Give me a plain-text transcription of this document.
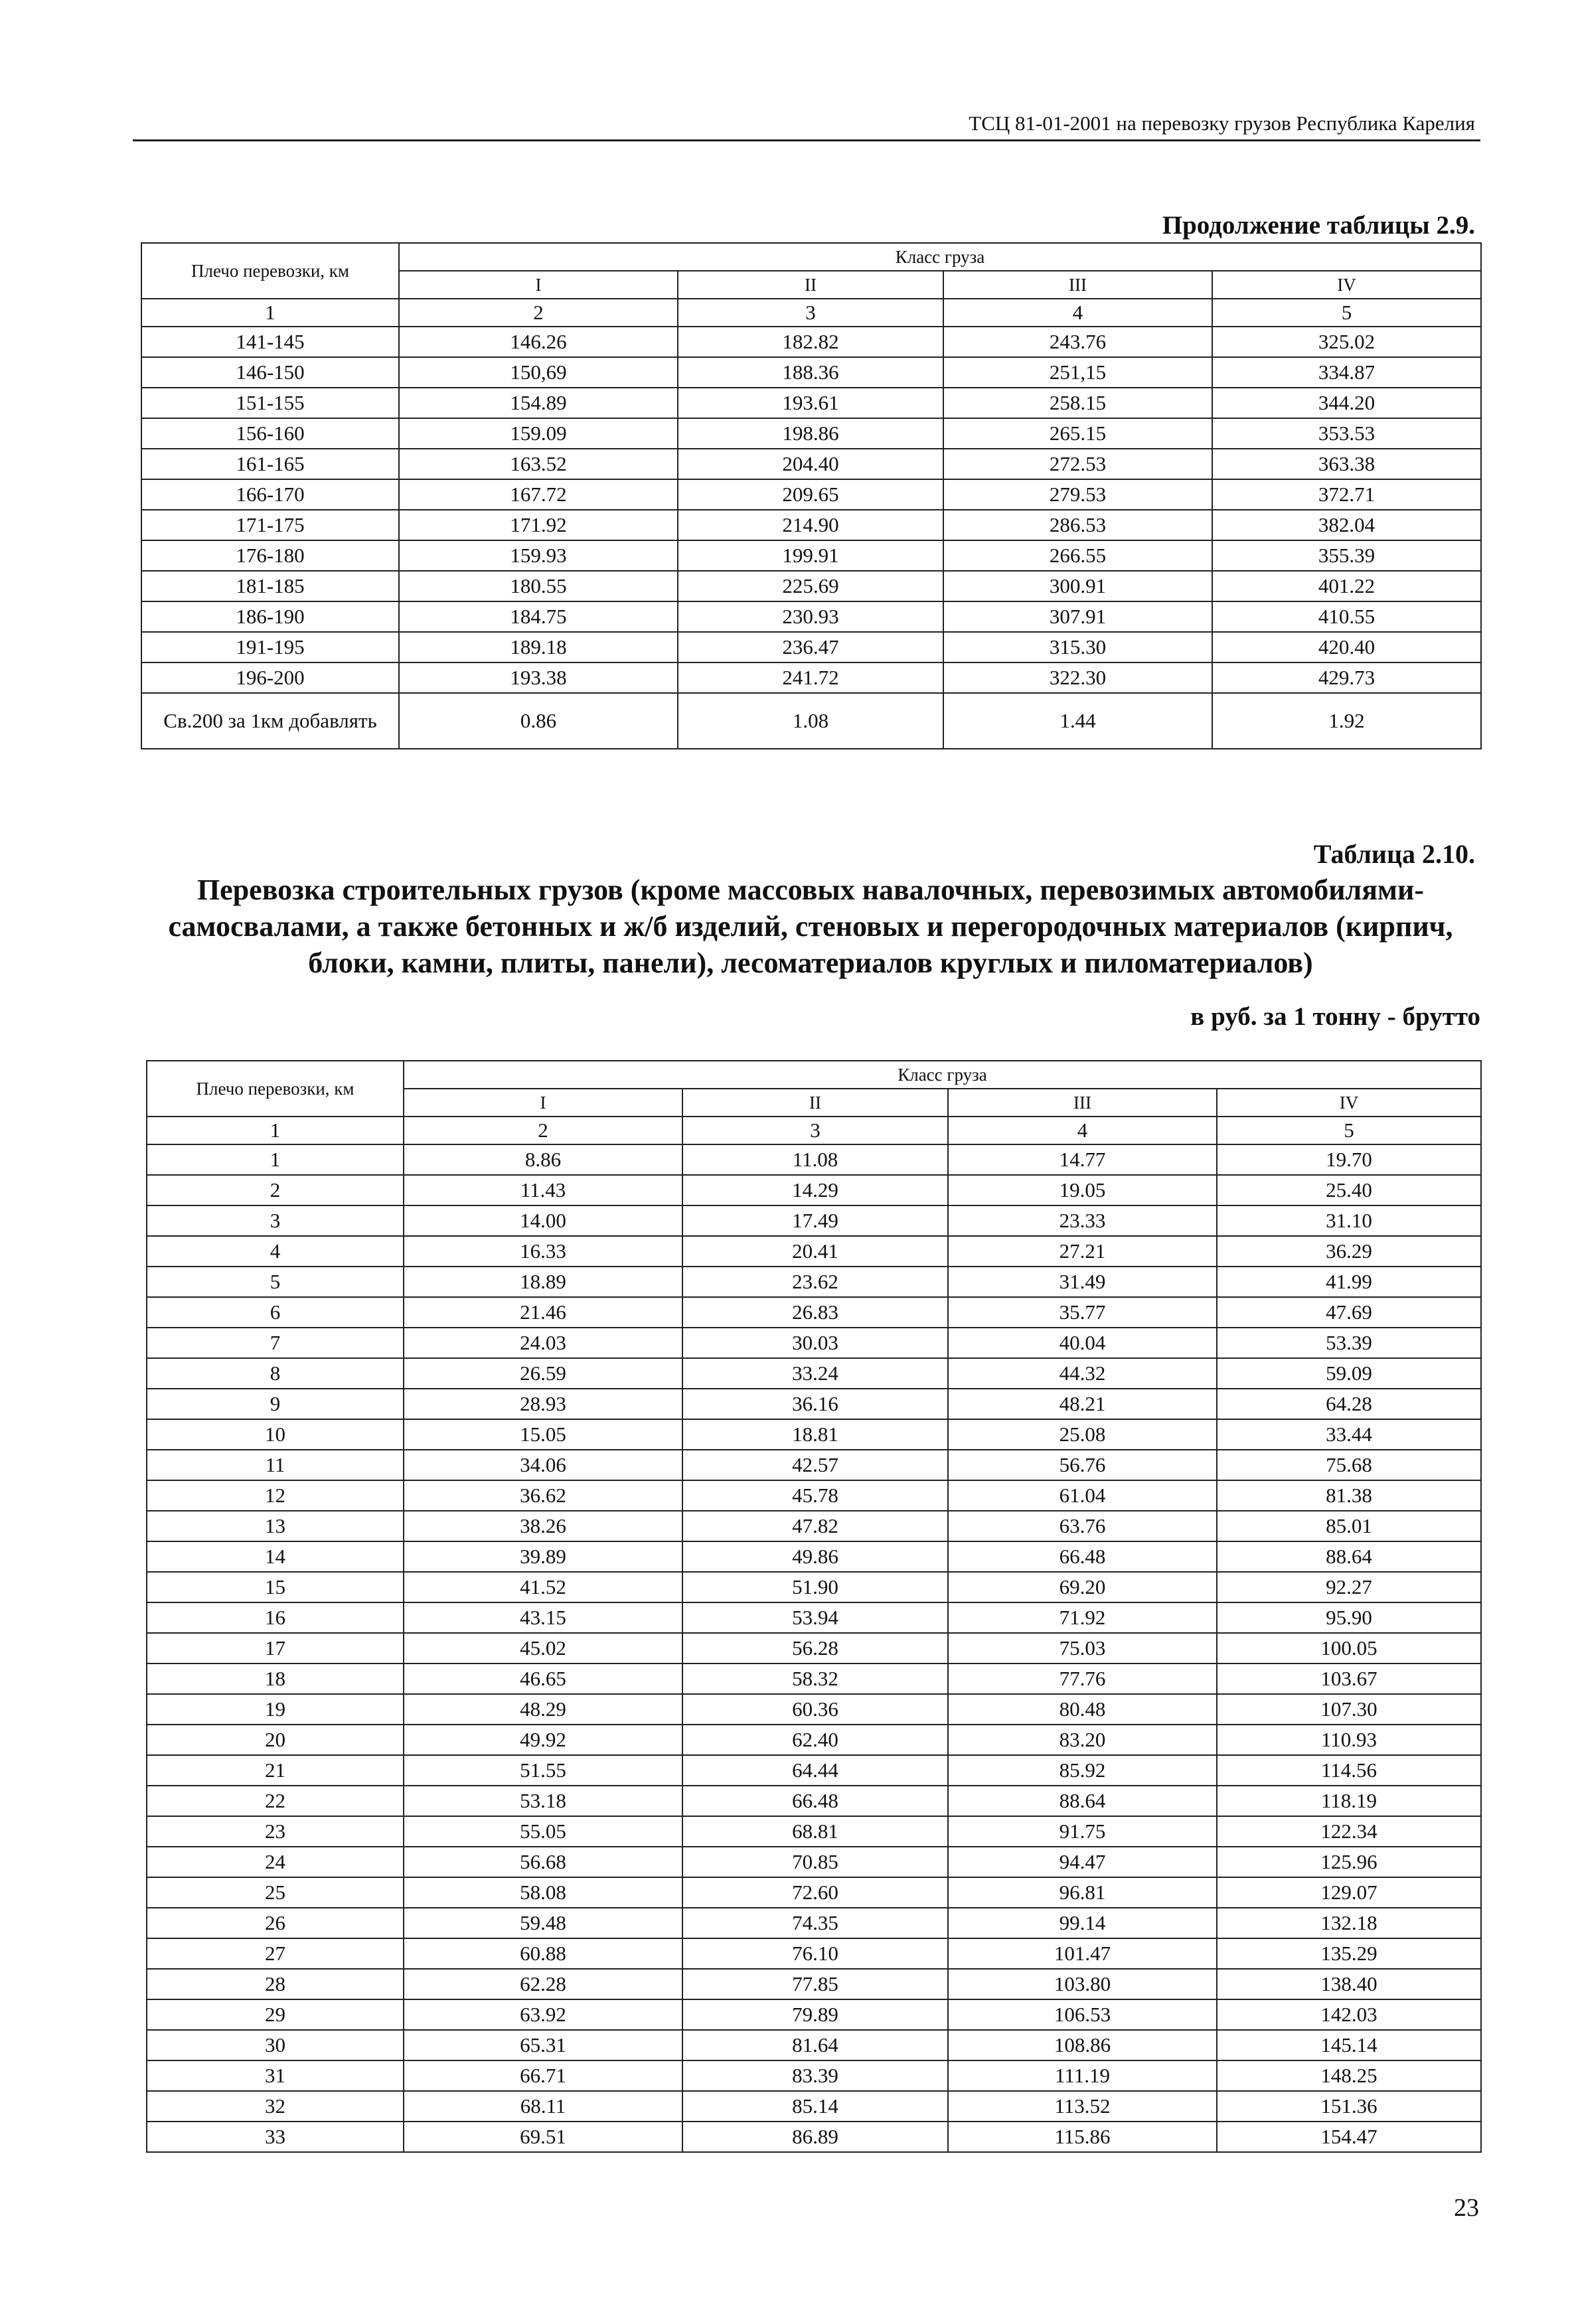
ТСЦ 81-01-2001 на перевозку грузов Республика Карелия
Продолжение таблицы 2.9.
Плечо перевозки, км	Класс груза			
	I	II	III	IV
1	2	3	4	5
141-145	146.26	182.82	243.76	325.02
146-150	150,69	188.36	251,15	334.87
151-155	154.89	193.61	258.15	344.20
156-160	159.09	198.86	265.15	353.53
161-165	163.52	204.40	272.53	363.38
166-170	167.72	209.65	279.53	372.71
171-175	171.92	214.90	286.53	382.04
176-180	159.93	199.91	266.55	355.39
181-185	180.55	225.69	300.91	401.22
186-190	184.75	230.93	307.91	410.55
191-195	189.18	236.47	315.30	420.40
196-200	193.38	241.72	322.30	429.73
Св.200 за 1км добавлять	0.86	1.08	1.44	1.92
Таблица 2.10.
Перевозка строительных грузов (кроме массовых навалочных, перевозимых автомобилями-самосвалами, а также бетонных и ж/б изделий, стеновых и перегородочных материалов (кирпич, блоки, камни, плиты, панели), лесоматериалов круглых и пиломатериалов)
в руб. за 1 тонну - брутто
Плечо перевозки, км	Класс груза			
	I	II	III	IV
1	2	3	4	5
1	8.86	11.08	14.77	19.70
2	11.43	14.29	19.05	25.40
3	14.00	17.49	23.33	31.10
4	16.33	20.41	27.21	36.29
5	18.89	23.62	31.49	41.99
6	21.46	26.83	35.77	47.69
7	24.03	30.03	40.04	53.39
8	26.59	33.24	44.32	59.09
9	28.93	36.16	48.21	64.28
10	15.05	18.81	25.08	33.44
11	34.06	42.57	56.76	75.68
12	36.62	45.78	61.04	81.38
13	38.26	47.82	63.76	85.01
14	39.89	49.86	66.48	88.64
15	41.52	51.90	69.20	92.27
16	43.15	53.94	71.92	95.90
17	45.02	56.28	75.03	100.05
18	46.65	58.32	77.76	103.67
19	48.29	60.36	80.48	107.30
20	49.92	62.40	83.20	110.93
21	51.55	64.44	85.92	114.56
22	53.18	66.48	88.64	118.19
23	55.05	68.81	91.75	122.34
24	56.68	70.85	94.47	125.96
25	58.08	72.60	96.81	129.07
26	59.48	74.35	99.14	132.18
27	60.88	76.10	101.47	135.29
28	62.28	77.85	103.80	138.40
29	63.92	79.89	106.53	142.03
30	65.31	81.64	108.86	145.14
31	66.71	83.39	111.19	148.25
32	68.11	85.14	113.52	151.36
33	69.51	86.89	115.86	154.47
23
